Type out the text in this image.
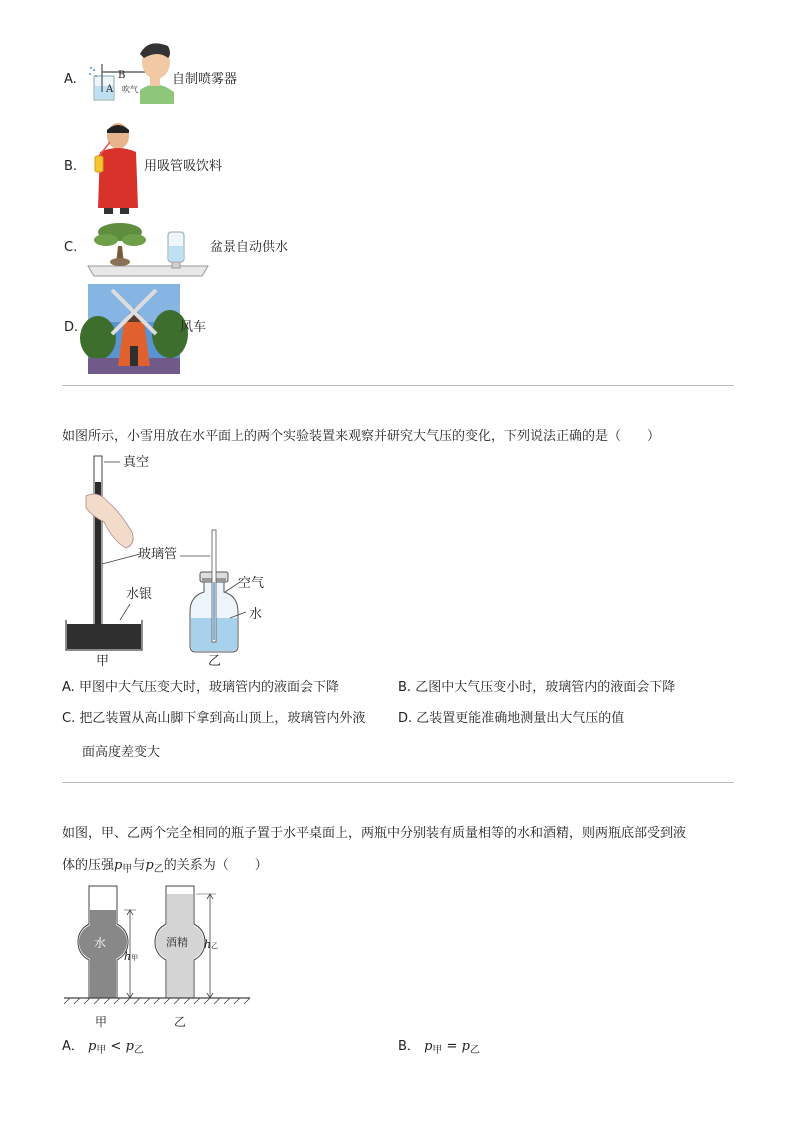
A.	B
A 吹气
自制喷雾器
B.	用吸管吸饮料
C.	盆景自动供水
D.	风车
如图所示，小雪用放在水平面上的两个实验装置来观察并研究大气压的变化，下列说法正确的是（　　）
真空
玻璃管
水银
空气
水
甲	乙
A. 甲图中大气压变大时，玻璃管内的液面会下降	B. 乙图中大气压变小时，玻璃管内的液面会下降
C. 把乙装置从高山脚下拿到高山顶上，玻璃管内外液
面高度差变大
D. 乙装置更能准确地测量出大气压的值
如图，甲、乙两个完全相同的瓶子置于水平桌面上，两瓶中分别装有质量相等的水和酒精，则两瓶底部受到液
体的压强$p_甲$与$p_乙$的关系为（　　）
水	酒精
h甲
h乙
甲	乙
A． $p_甲 < p_乙$	B． $p_甲 = p_乙$
